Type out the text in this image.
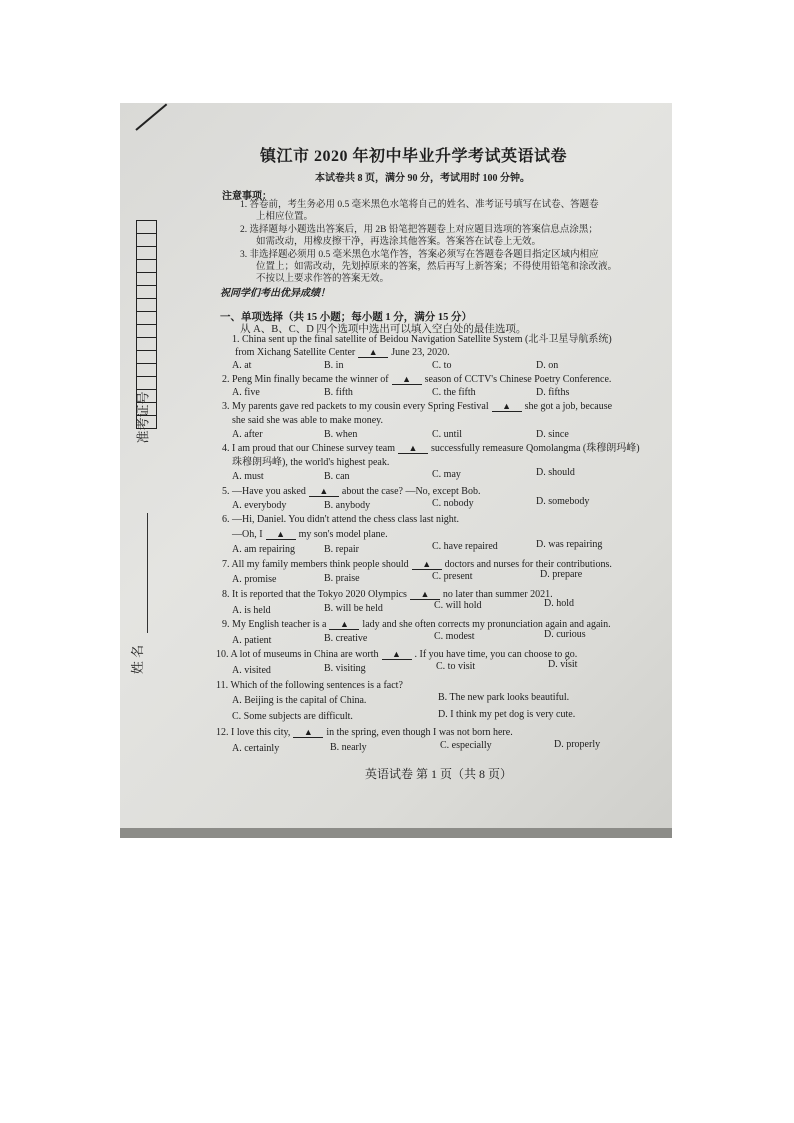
镇江市 2020 年初中毕业升学考试英语试卷
本试卷共 8 页，满分 90 分，考试用时 100 分钟。
注意事项：
1. 答卷前，考生务必用 0.5 毫米黑色水笔将自己的姓名、准考证号填写在试卷、答题卷
上相应位置。
2. 选择题每小题选出答案后，用 2B 铅笔把答题卷上对应题目选项的答案信息点涂黑；
如需改动，用橡皮擦干净，再选涂其他答案。答案答在试卷上无效。
3. 非选择题必须用 0.5 毫米黑色水笔作答，答案必须写在答题卷各题目指定区域内相应
位置上；如需改动，先划掉原来的答案，然后再写上新答案；不得使用铅笔和涂改液。
不按以上要求作答的答案无效。
祝同学们考出优异成绩！
一、单项选择（共 15 小题；每小题 1 分，满分 15 分）
从 A、B、C、D 四个选项中选出可以填入空白处的最佳选项。
准考证号
姓 名
1. China sent up the final satellite of Beidou Navigation Satellite System (北斗卫星导航系统)
from Xichang Satellite Center ▲ June 23, 2020.
A. at	B. in	C. to	D. on
2. Peng Min finally became the winner of ▲ season of CCTV's Chinese Poetry Conference.
A. five	B. fifth	C. the fifth	D. fifths
3. My parents gave red packets to my cousin every Spring Festival ▲ she got a job, because
she said she was able to make money.
A. after	B. when	C. until	D. since
4. I am proud that our Chinese survey team ▲ successfully remeasure Qomolangma (珠穆朗玛峰)
珠穆朗玛峰), the world's highest peak.
A. must	B. can	C. may	D. should
5. —Have you asked ▲ about the case? —No, except Bob.
A. everybody	B. anybody	C. nobody	D. somebody
6. —Hi, Daniel. You didn't attend the chess class last night.
—Oh, I ▲ my son's model plane.
A. am repairing	B. repair	C. have repaired	D. was repairing
7. All my family members think people should ▲ doctors and nurses for their contributions.
A. promise	B. praise	C. present	D. prepare
8. It is reported that the Tokyo 2020 Olympics ▲ no later than summer 2021.
A. is held	B. will be held	C. will hold	D. hold
9. My English teacher is a ▲ lady and she often corrects my pronunciation again and again.
A. patient	B. creative	C. modest	D. curious
10. A lot of museums in China are worth ▲ . If you have time, you can choose to go.
A. visited	B. visiting	C. to visit	D. visit
11. Which of the following sentences is a fact?
A. Beijing is the capital of China.	B. The new park looks beautiful.
C. Some subjects are difficult.	D. I think my pet dog is very cute.
12. I love this city, ▲ in the spring, even though I was not born here.
A. certainly	B. nearly	C. especially	D. properly
英语试卷 第 1 页（共 8 页）
